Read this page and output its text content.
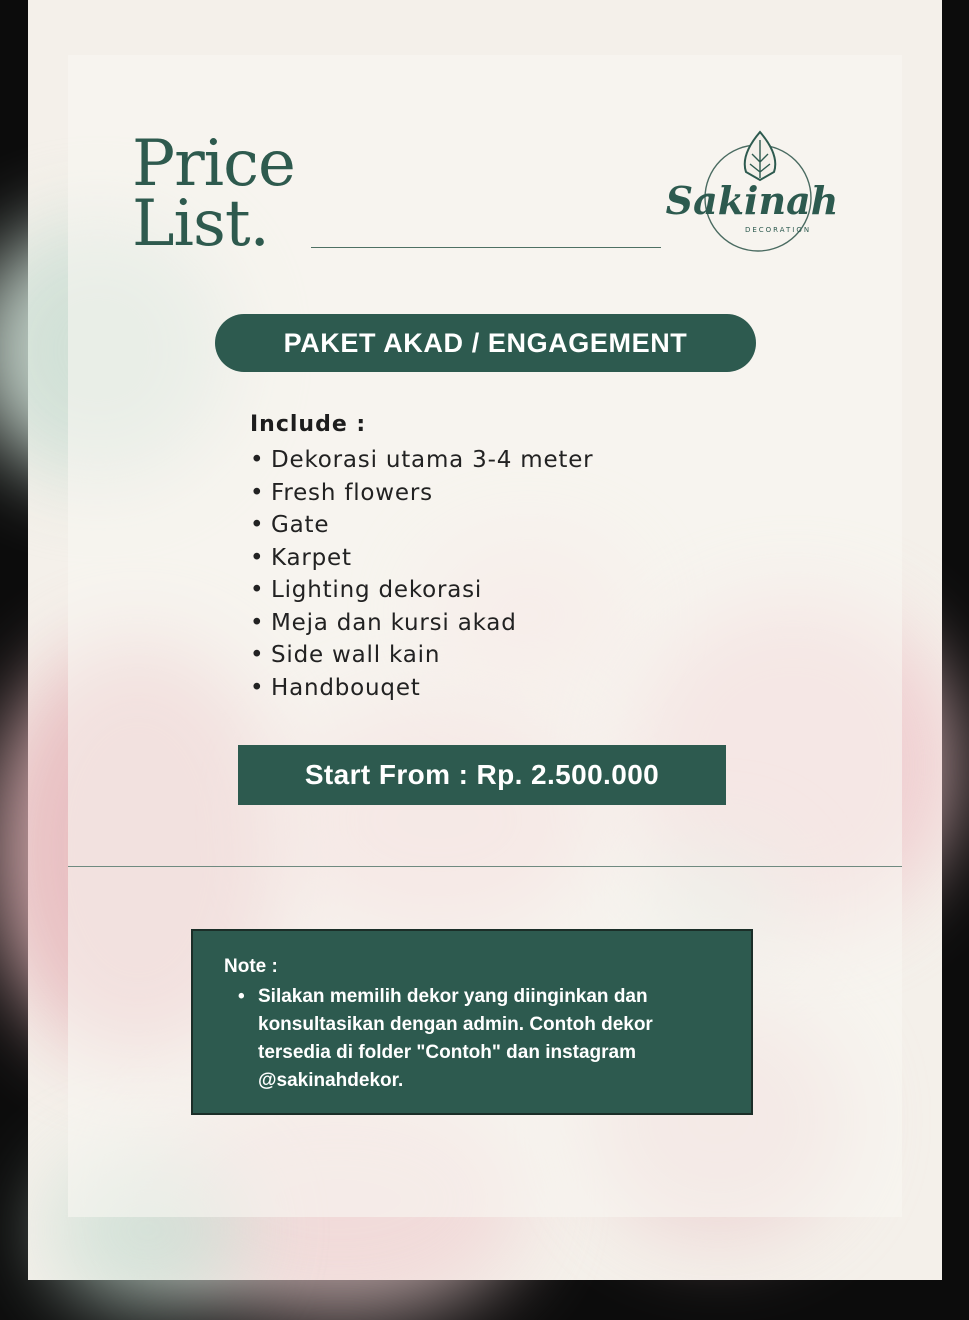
Price
List.	Sakinah
DECORATION
PAKET AKAD / ENGAGEMENT

Include :

• Dekorasi utama 3-4 meter
• Fresh flowers
• Gate
• Karpet
• Lighting dekorasi
• Meja dan kursi akad
• Side wall kain
• Handbouqet
Start From : Rp. 2.500.000
Note :
• Silakan memilih dekor yang diinginkan dan konsultasikan dengan admin. Contoh dekor tersedia di folder "Contoh" dan instagram @sakinahdekor.
